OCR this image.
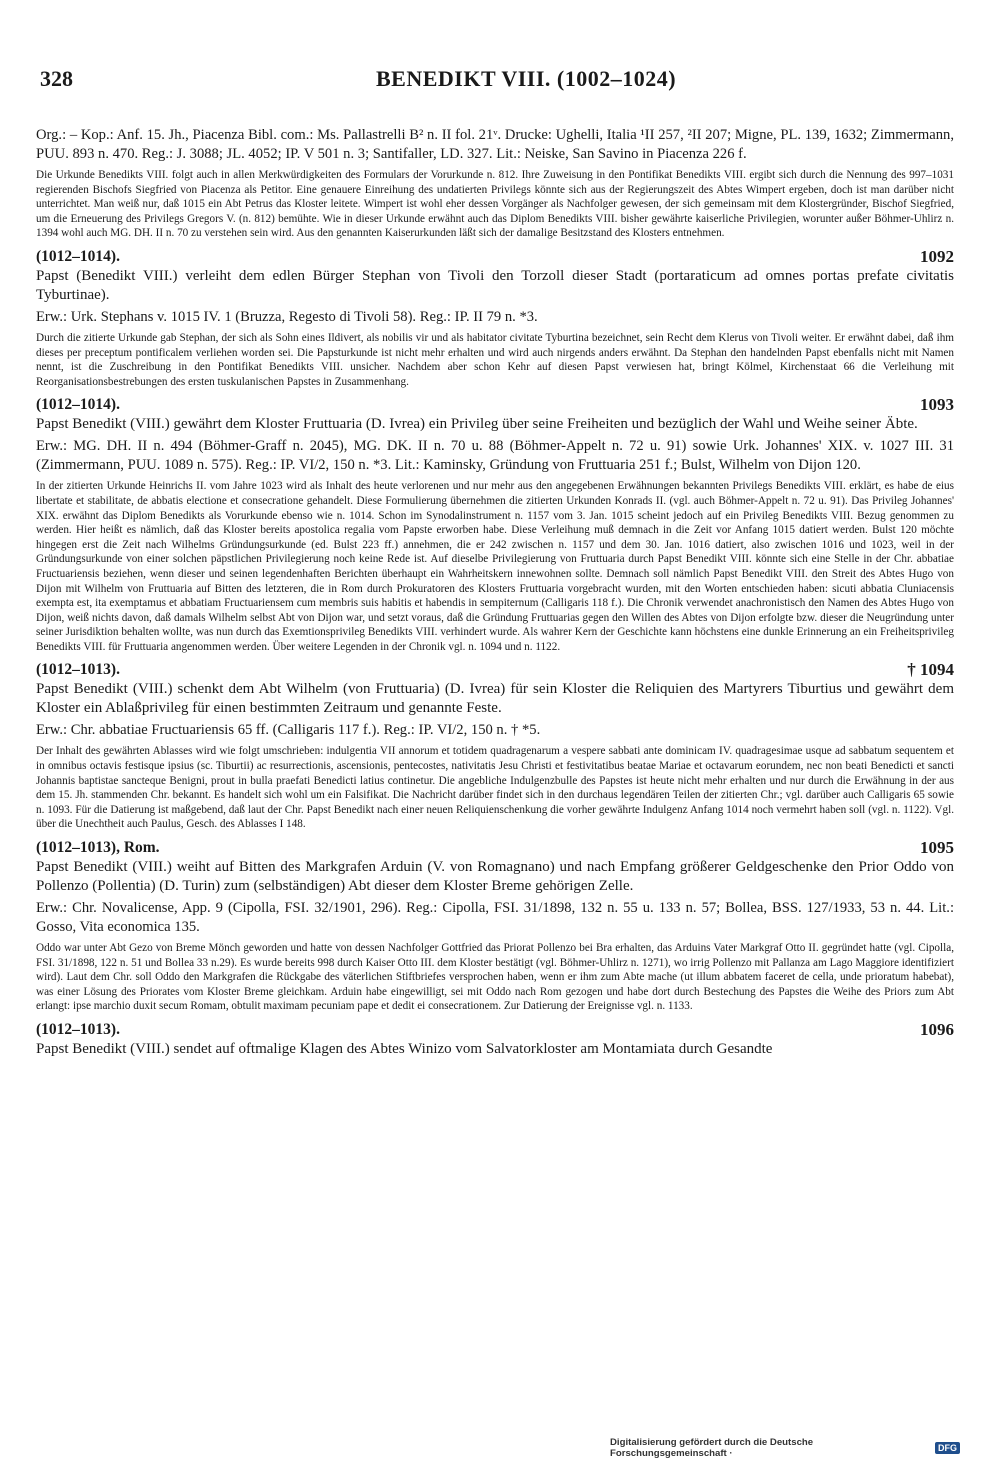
328	BENEDIKT VIII. (1002–1024)

Org.: – Kop.: Anf. 15. Jh., Piacenza Bibl. com.: Ms. Pallastrelli B² n. II fol. 21ᵛ. Drucke: Ughelli, Italia ¹II 257, ²II 207; Migne, PL. 139, 1632; Zimmermann, PUU. 893 n. 470. Reg.: J. 3088; JL. 4052; IP. V 501 n. 3; Santifaller, LD. 327. Lit.: Neiske, San Savino in Piacenza 226 f.

Die Urkunde Benedikts VIII. folgt auch in allen Merkwürdigkeiten des Formulars der Vorurkunde n. 812. Ihre Zuweisung in den Pontifikat Benedikts VIII. ergibt sich durch die Nennung des 997–1031 regierenden Bischofs Siegfried von Piacenza als Petitor. Eine genauere Einreihung des undatierten Privilegs könnte sich aus der Regierungszeit des Abtes Wimpert ergeben, doch ist man darüber nicht unterrichtet. Man weiß nur, daß 1015 ein Abt Petrus das Kloster leitete. Wimpert ist wohl eher dessen Vorgänger als Nachfolger gewesen, der sich gemeinsam mit dem Klostergründer, Bischof Siegfried, um die Erneuerung des Privilegs Gregors V. (n. 812) bemühte. Wie in dieser Urkunde erwähnt auch das Diplom Benedikts VIII. bisher gewährte kaiserliche Privilegien, worunter außer Böhmer-Uhlirz n. 1394 wohl auch MG. DH. II n. 70 zu verstehen sein wird. Aus den genannten Kaiserurkunden läßt sich der damalige Besitzstand des Klosters entnehmen.

(1012–1014).	1092

Papst (Benedikt VIII.) verleiht dem edlen Bürger Stephan von Tivoli den Torzoll dieser Stadt (portaraticum ad omnes portas prefate civitatis Tyburtinae).

Erw.: Urk. Stephans v. 1015 IV. 1 (Bruzza, Regesto di Tivoli 58). Reg.: IP. II 79 n. *3.

Durch die zitierte Urkunde gab Stephan, der sich als Sohn eines Ildivert, als nobilis vir und als habitator civitate Tyburtina bezeichnet, sein Recht dem Klerus von Tivoli weiter. Er erwähnt dabei, daß ihm dieses per preceptum pontificalem verliehen worden sei. Die Papsturkunde ist nicht mehr erhalten und wird auch nirgends anders erwähnt. Da Stephan den handelnden Papst ebenfalls nicht mit Namen nennt, ist die Zuschreibung in den Pontifikat Benedikts VIII. unsicher. Nachdem aber schon Kehr auf diesen Papst verwiesen hat, bringt Kölmel, Kirchenstaat 66 die Verleihung mit Reorganisationsbestrebungen des ersten tuskulanischen Papstes in Zusammenhang.

(1012–1014).	1093

Papst Benedikt (VIII.) gewährt dem Kloster Fruttuaria (D. Ivrea) ein Privileg über seine Freiheiten und bezüglich der Wahl und Weihe seiner Äbte.

Erw.: MG. DH. II n. 494 (Böhmer-Graff n. 2045), MG. DK. II n. 70 u. 88 (Böhmer-Appelt n. 72 u. 91) sowie Urk. Johannes' XIX. v. 1027 III. 31 (Zimmermann, PUU. 1089 n. 575). Reg.: IP. VI/2, 150 n. *3. Lit.: Kaminsky, Gründung von Fruttuaria 251 f.; Bulst, Wilhelm von Dijon 120.

In der zitierten Urkunde Heinrichs II. vom Jahre 1023 wird als Inhalt des heute verlorenen und nur mehr aus den angegebenen Erwähnungen bekannten Privilegs Benedikts VIII. erklärt, es habe de eius libertate et stabilitate, de abbatis electione et consecratione gehandelt. Diese Formulierung übernehmen die zitierten Urkunden Konrads II. (vgl. auch Böhmer-Appelt n. 72 u. 91). Das Privileg Johannes' XIX. erwähnt das Diplom Benedikts als Vorurkunde ebenso wie n. 1014. Schon im Synodalinstrument n. 1157 vom 3. Jan. 1015 scheint jedoch auf ein Privileg Benedikts VIII. Bezug genommen zu werden. Hier heißt es nämlich, daß das Kloster bereits apostolica regalia vom Papste erworben habe. Diese Verleihung muß demnach in die Zeit vor Anfang 1015 datiert werden. Bulst 120 möchte hingegen erst die Zeit nach Wilhelms Gründungsurkunde (ed. Bulst 223 ff.) annehmen, die er 242 zwischen n. 1157 und dem 30. Jan. 1016 datiert, also zwischen 1016 und 1023, weil in der Gründungsurkunde von einer solchen päpstlichen Privilegierung noch keine Rede ist. Auf dieselbe Privilegierung von Fruttuaria durch Papst Benedikt VIII. könnte sich eine Stelle in der Chr. abbatiae Fructuariensis beziehen, wenn dieser und seinen legendenhaften Berichten überhaupt ein Wahrheitskern innewohnen sollte. Demnach soll nämlich Papst Benedikt VIII. den Streit des Abtes Hugo von Dijon mit Wilhelm von Fruttuaria auf Bitten des letzteren, die in Rom durch Prokuratoren des Klosters Fruttuaria vorgebracht wurden, mit den Worten entschieden haben: sicuti abbatia Cluniacensis exempta est, ita exemptamus et abbatiam Fructuariensem cum membris suis habitis et habendis in sempiternum (Calligaris 118 f.). Die Chronik verwendet anachronistisch den Namen des Abtes Hugo von Dijon, weiß nichts davon, daß damals Wilhelm selbst Abt von Dijon war, und setzt voraus, daß die Gründung Fruttuarias gegen den Willen des Abtes von Dijon erfolgte bzw. dieser die Neugründung unter seiner Jurisdiktion behalten wollte, was nun durch das Exemtionsprivileg Benedikts VIII. verhindert wurde. Als wahrer Kern der Geschichte kann höchstens eine dunkle Erinnerung an ein Freiheitsprivileg Benedikts VIII. für Fruttuaria angenommen werden. Über weitere Legenden in der Chronik vgl. n. 1094 und n. 1122.

(1012–1013).	† 1094

Papst Benedikt (VIII.) schenkt dem Abt Wilhelm (von Fruttuaria) (D. Ivrea) für sein Kloster die Reliquien des Martyrers Tiburtius und gewährt dem Kloster ein Ablaßprivileg für einen bestimmten Zeitraum und genannte Feste.

Erw.: Chr. abbatiae Fructuariensis 65 ff. (Calligaris 117 f.). Reg.: IP. VI/2, 150 n. † *5.

Der Inhalt des gewährten Ablasses wird wie folgt umschrieben: indulgentia VII annorum et totidem quadragenarum a vespere sabbati ante dominicam IV. quadragesimae usque ad sabbatum sequentem et in omnibus octavis festisque ipsius (sc. Tiburtii) ac resurrectionis, ascensionis, pentecostes, nativitatis Jesu Christi et festivitatibus beatae Mariae et octavarum eorundem, nec non beati Benedicti et sancti Johannis baptistae sancteque Benigni, prout in bulla praefati Benedicti latius continetur. Die angebliche Indulgenzbulle des Papstes ist heute nicht mehr erhalten und nur durch die Erwähnung in der aus dem 15. Jh. stammenden Chr. bekannt. Es handelt sich wohl um ein Falsifikat. Die Nachricht darüber findet sich in den durchaus legendären Teilen der zitierten Chr.; vgl. darüber auch Calligaris 65 sowie n. 1093. Für die Datierung ist maßgebend, daß laut der Chr. Papst Benedikt nach einer neuen Reliquienschenkung die vorher gewährte Indulgenz Anfang 1014 noch vermehrt haben soll (vgl. n. 1122). Vgl. über die Unechtheit auch Paulus, Gesch. des Ablasses I 148.

(1012–1013), Rom.	1095

Papst Benedikt (VIII.) weiht auf Bitten des Markgrafen Arduin (V. von Romagnano) und nach Empfang größerer Geldgeschenke den Prior Oddo von Pollenzo (Pollentia) (D. Turin) zum (selbständigen) Abt dieser dem Kloster Breme gehörigen Zelle.

Erw.: Chr. Novalicense, App. 9 (Cipolla, FSI. 32/1901, 296). Reg.: Cipolla, FSI. 31/1898, 132 n. 55 u. 133 n. 57; Bollea, BSS. 127/1933, 53 n. 44. Lit.: Gosso, Vita economica 135.

Oddo war unter Abt Gezo von Breme Mönch geworden und hatte von dessen Nachfolger Gottfried das Priorat Pollenzo bei Bra erhalten, das Arduins Vater Markgraf Otto II. gegründet hatte (vgl. Cipolla, FSI. 31/1898, 122 n. 51 und Bollea 33 n.29). Es wurde bereits 998 durch Kaiser Otto III. dem Kloster bestätigt (vgl. Böhmer-Uhlirz n. 1271), wo irrig Pollenzo mit Pallanza am Lago Maggiore identifiziert wird). Laut dem Chr. soll Oddo den Markgrafen die Rückgabe des väterlichen Stiftbriefes versprochen haben, wenn er ihm zum Abte mache (ut illum abbatem faceret de cella, unde prioratum habebat), was einer Lösung des Priorates vom Kloster Breme gleichkam. Arduin habe eingewilligt, sei mit Oddo nach Rom gezogen und habe dort durch Bestechung des Papstes die Weihe des Priors zum Abt erlangt: ipse marchio duxit secum Romam, obtulit maximam pecuniam pape et dedit ei consecrationem. Zur Datierung der Ereignisse vgl. n. 1133.

(1012–1013).	1096

Papst Benedikt (VIII.) sendet auf oftmalige Klagen des Abtes Winizo vom Salvatorkloster am Montamiata durch Gesandte

Digitalisierung gefördert durch die Deutsche Forschungsgemeinschaft ·	DFG
